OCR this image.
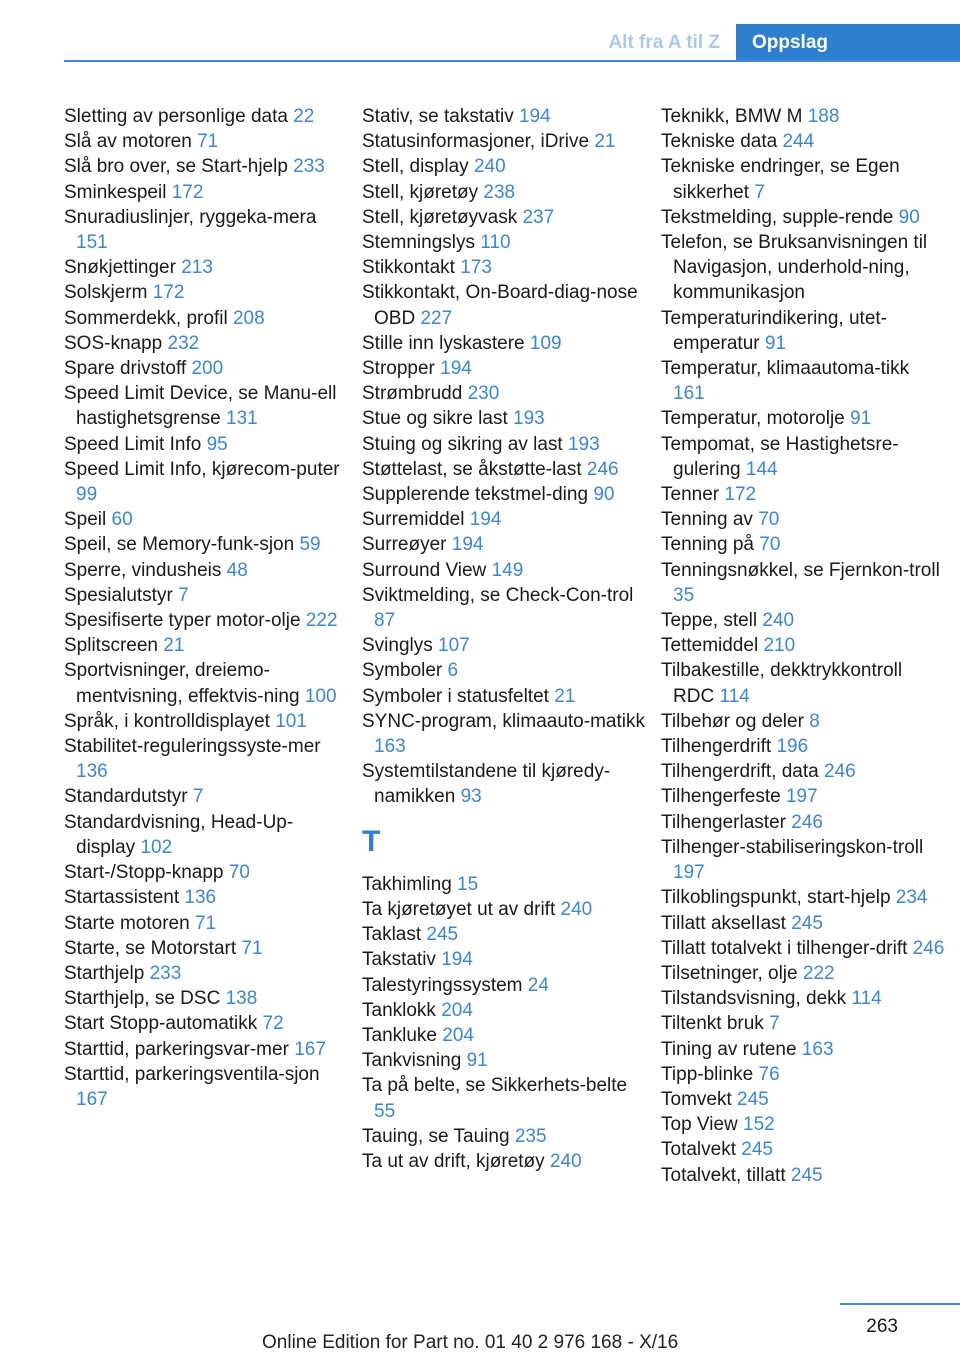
Alt fra A til Z	Oppslag
Sletting av personlige data 22
Slå av motoren 71
Slå bro over, se Start-hjelp 233
Sminkespeil 172
Snuradiuslinjer, ryggeka-mera 151
Snøkjettinger 213
Solskjerm 172
Sommerdekk, profil 208
SOS-knapp 232
Spare drivstoff 200
Speed Limit Device, se Manu-ell hastighetsgrense 131
Speed Limit Info 95
Speed Limit Info, kjørecom-puter 99
Speil 60
Speil, se Memory-funk-sjon 59
Sperre, vindusheis 48
Spesialutstyr 7
Spesifiserte typer motor-olje 222
Splitscreen 21
Sportvisninger, dreiemo-mentvisning, effektvis-ning 100
Språk, i kontrolldisplayet 101
Stabilitet-reguleringssyste-mer 136
Standardutstyr 7
Standardvisning, Head-Up-display 102
Start-/Stopp-knapp 70
Startassistent 136
Starte motoren 71
Starte, se Motorstart 71
Starthjelp 233
Starthjelp, se DSC 138
Start Stopp-automatikk 72
Starttid, parkeringsvar-mer 167
Starttid, parkeringsventila-sjon 167
Stativ, se takstativ 194
Statusinformasjoner, iDrive 21
Stell, display 240
Stell, kjøretøy 238
Stell, kjøretøyvask 237
Stemningslys 110
Stikkontakt 173
Stikkontakt, On-Board-diag-nose OBD 227
Stille inn lyskastere 109
Stropper 194
Strømbrudd 230
Stue og sikre last 193
Stuing og sikring av last 193
Støttelast, se åkstøtte-last 246
Supplerende tekstmel-ding 90
Surremiddel 194
Surreøyer 194
Surround View 149
Sviktmelding, se Check-Con-trol 87
Svinglys 107
Symboler 6
Symboler i statusfeltet 21
SYNC-program, klimaauto-matikk 163
Systemtilstandene til kjøredy-namikken 93
T
Takhimling 15
Ta kjøretøyet ut av drift 240
Taklast 245
Takstativ 194
Talestyringssystem 24
Tanklokk 204
Tankluke 204
Tankvisning 91
Ta på belte, se Sikkerhets-belte 55
Tauing, se Tauing 235
Ta ut av drift, kjøretøy 240
Teknikk, BMW M 188
Tekniske data 244
Tekniske endringer, se Egen sikkerhet 7
Tekstmelding, supple-rende 90
Telefon, se Bruksanvisningen til Navigasjon, underhold-ning, kommunikasjon
Temperaturindikering, utet-emperatur 91
Temperatur, klimaautoma-tikk 161
Temperatur, motorolje 91
Tempomat, se Hastighetsre-gulering 144
Tenner 172
Tenning av 70
Tenning på 70
Tenningsnøkkel, se Fjernkon-troll 35
Teppe, stell 240
Tettemiddel 210
Tilbakestille, dekktrykkontroll RDC 114
Tilbehør og deler 8
Tilhengerdrift 196
Tilhengerdrift, data 246
Tilhengerfeste 197
Tilhengerlaster 246
Tilhenger-stabiliseringskon-troll 197
Tilkoblingspunkt, start-hjelp 234
Tillatt akselIast 245
Tillatt totalvekt i tilhenger-drift 246
Tilsetninger, olje 222
Tilstandsvisning, dekk 114
Tiltenkt bruk 7
Tining av rutene 163
Tipp-blinke 76
Tomvekt 245
Top View 152
Totalvekt 245
Totalvekt, tillatt 245
263
Online Edition for Part no. 01 40 2 976 168 - X/16
